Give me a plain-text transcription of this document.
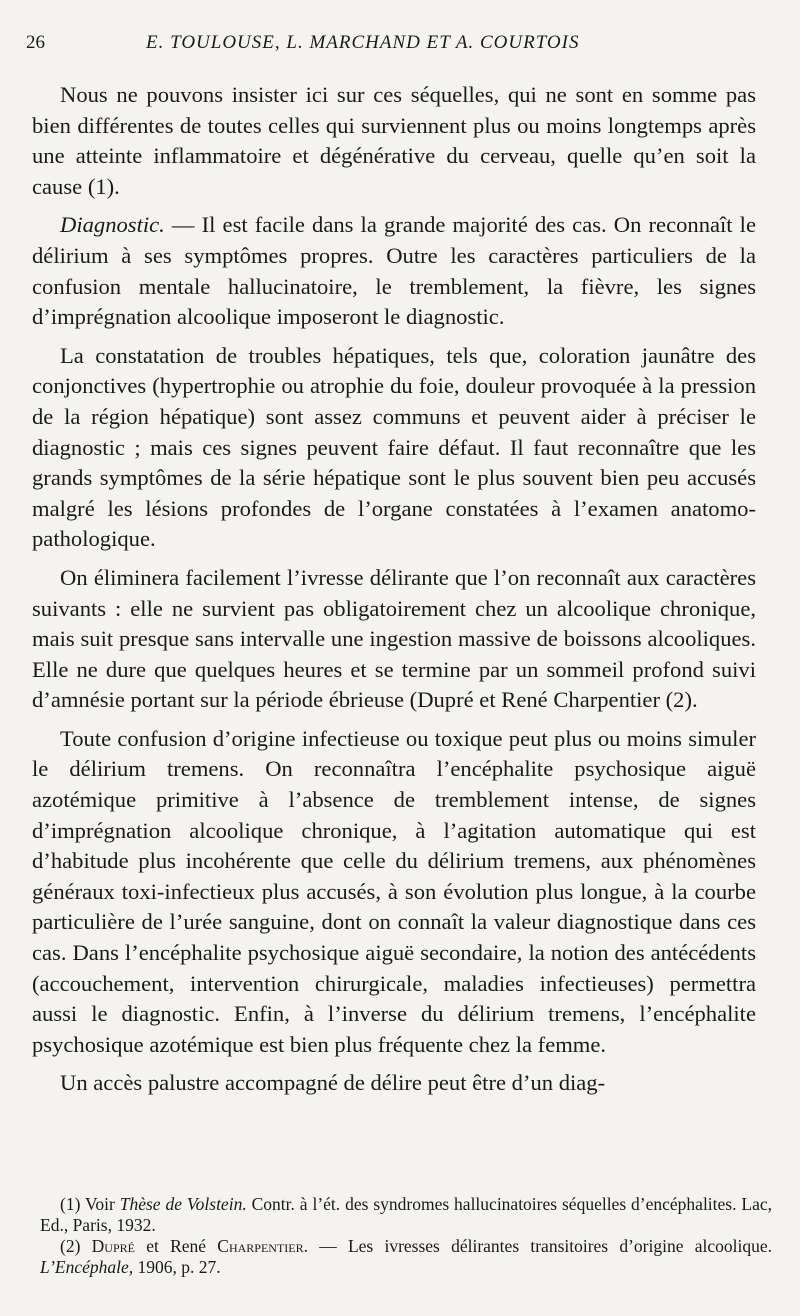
26	E. TOULOUSE, L. MARCHAND ET A. COURTOIS

Nous ne pouvons insister ici sur ces séquelles, qui ne sont en somme pas bien différentes de toutes celles qui surviennent plus ou moins longtemps après une atteinte inflammatoire et dégénérative du cerveau, quelle qu’en soit la cause (1).

Diagnostic. — Il est facile dans la grande majorité des cas. On reconnaît le délirium à ses symptômes propres. Outre les caractères particuliers de la confusion mentale hallucinatoire, le tremblement, la fièvre, les signes d’imprégnation alcoolique imposeront le diagnostic.

La constatation de troubles hépatiques, tels que, coloration jaunâtre des conjonctives (hypertrophie ou atrophie du foie, douleur provoquée à la pression de la région hépatique) sont assez communs et peuvent aider à préciser le diagnostic ; mais ces signes peuvent faire défaut. Il faut reconnaître que les grands symptômes de la série hépatique sont le plus souvent bien peu accusés malgré les lésions profondes de l’organe constatées à l’examen anatomo-pathologique.

On éliminera facilement l’ivresse délirante que l’on reconnaît aux caractères suivants : elle ne survient pas obligatoirement chez un alcoolique chronique, mais suit presque sans intervalle une ingestion massive de boissons alcooliques. Elle ne dure que quelques heures et se termine par un sommeil profond suivi d’amnésie portant sur la période ébrieuse (Dupré et René Charpentier (2).

Toute confusion d’origine infectieuse ou toxique peut plus ou moins simuler le délirium tremens. On reconnaîtra l’encéphalite psychosique aiguë azotémique primitive à l’absence de tremblement intense, de signes d’imprégnation alcoolique chronique, à l’agitation automatique qui est d’habitude plus incohérente que celle du délirium tremens, aux phénomènes généraux toxi-infectieux plus accusés, à son évolution plus longue, à la courbe particulière de l’urée sanguine, dont on connaît la valeur diagnostique dans ces cas. Dans l’encéphalite psychosique aiguë secondaire, la notion des antécédents (accouchement, intervention chirurgicale, maladies infectieuses) permettra aussi le diagnostic. Enfin, à l’inverse du délirium tremens, l’encéphalite psychosique azotémique est bien plus fréquente chez la femme.

Un accès palustre accompagné de délire peut être d’un diag-

(1) Voir Thèse de Volstein. Contr. à l’ét. des syndromes hallucinatoires séquelles d’encéphalites. Lac, Ed., Paris, 1932.

(2) Dupré et René Charpentier. — Les ivresses délirantes transitoires d’origine alcoolique. L’Encéphale, 1906, p. 27.
